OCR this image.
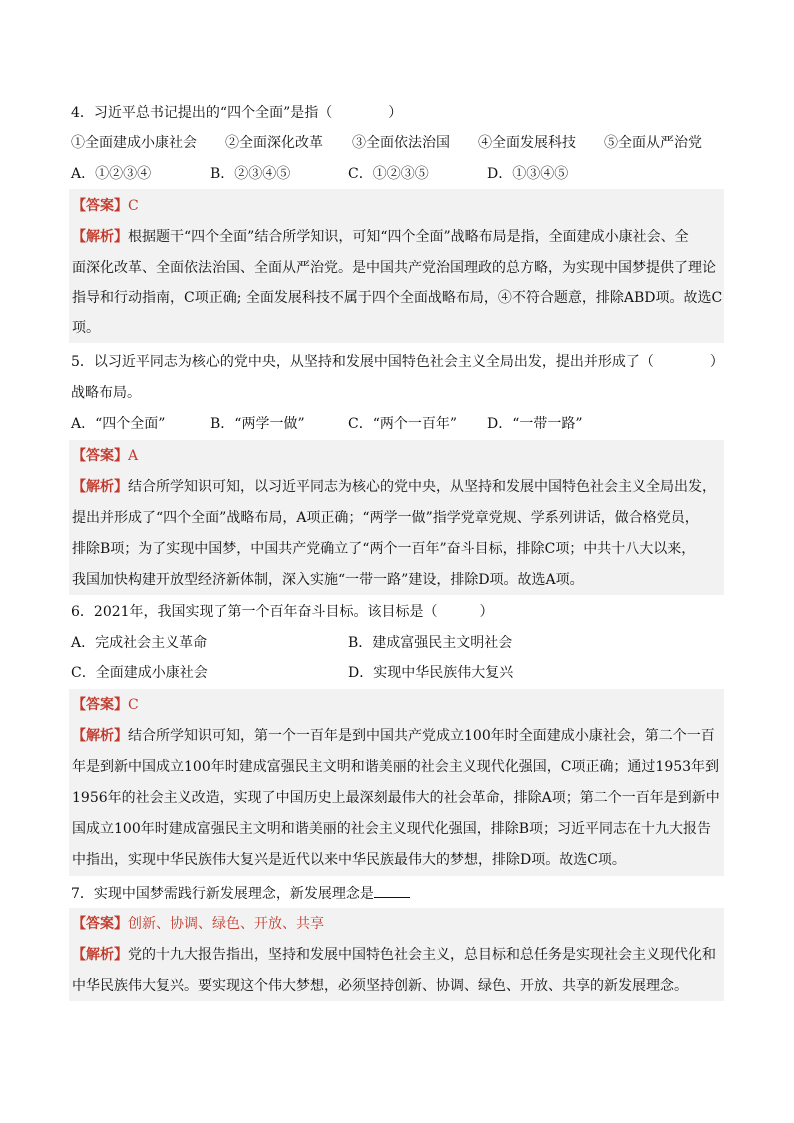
4．习近平总书记提出的“四个全面”是指（　　　　）
①全面建成小康社会 ②全面深化改革 ③全面依法治国 ④全面发展科技 ⑤全面从严治党
A．①②③④	B．②③④⑤	C．①②③⑤	D．①③④⑤
【答案】C
【解析】根据题干“四个全面”结合所学知识，可知“四个全面”战略布局是指，全面建成小康社会、全
面深化改革、全面依法治国、全面从严治党。是中国共产党治国理政的总方略，为实现中国梦提供了理论
指导和行动指南，C项正确; 全面发展科技不属于四个全面战略布局，④不符合题意，排除ABD项。故选C
项。
5．以习近平同志为核心的党中央，从坚持和发展中国特色社会主义全局出发，提出并形成了（　　　　）
战略布局。
A．“四个全面”	B．“两学一做”	C．“两个一百年” D．“一带一路”
【答案】A
【解析】结合所学知识可知，以习近平同志为核心的党中央，从坚持和发展中国特色社会主义全局出发，
提出并形成了“四个全面”战略布局，A项正确；“两学一做”指学党章党规、学系列讲话，做合格党员，
排除B项；为了实现中国梦，中国共产党确立了“两个一百年”奋斗目标，排除C项；中共十八大以来，
我国加快构建开放型经济新体制，深入实施“一带一路”建设，排除D项。故选A项。
6．2021年，我国实现了第一个百年奋斗目标。该目标是（　　　）
A．完成社会主义革命	B．建成富强民主文明社会
C．全面建成小康社会	D．实现中华民族伟大复兴
【答案】C
【解析】结合所学知识可知，第一个一百年是到中国共产党成立100年时全面建成小康社会，第二个一百
年是到新中国成立100年时建成富强民主文明和谐美丽的社会主义现代化强国，C项正确；通过1953年到
1956年的社会主义改造，实现了中国历史上最深刻最伟大的社会革命，排除A项；第二个一百年是到新中
国成立100年时建成富强民主文明和谐美丽的社会主义现代化强国，排除B项；习近平同志在十九大报告
中指出，实现中华民族伟大复兴是近代以来中华民族最伟大的梦想，排除D项。故选C项。
7．实现中国梦需践行新发展理念，新发展理念是
【答案】创新、协调、绿色、开放、共享
【解析】党的十九大报告指出，坚持和发展中国特色社会主义，总目标和总任务是实现社会主义现代化和
中华民族伟大复兴。要实现这个伟大梦想，必须坚持创新、协调、绿色、开放、共享的新发展理念。
